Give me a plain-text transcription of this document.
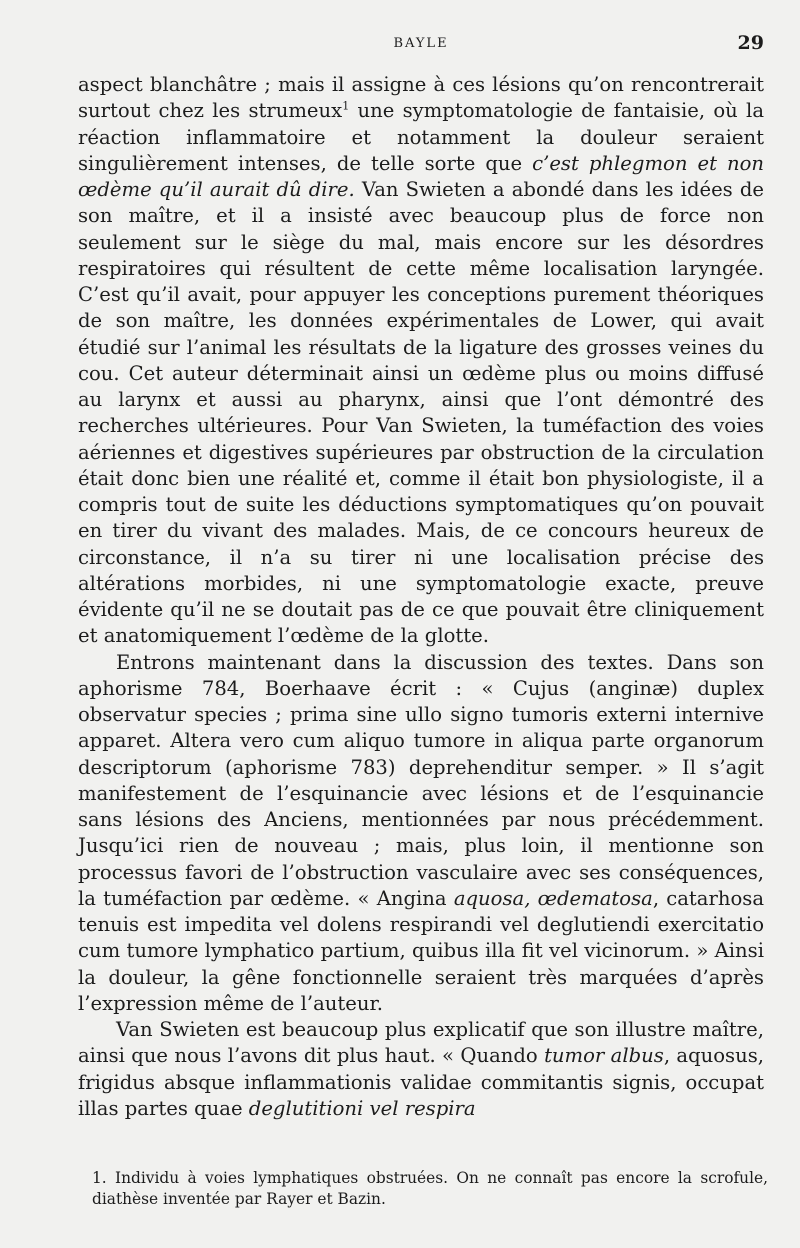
BAYLE	29

aspect blanchâtre ; mais il assigne à ces lésions qu’on rencontrerait surtout chez les strumeux$^1$ une symptomatologie de fantaisie, où la réaction inflammatoire et notamment la douleur seraient singulièrement intenses, de telle sorte que c’est phlegmon et non œdème qu’il aurait dû dire. Van Swieten a abondé dans les idées de son maître, et il a insisté avec beaucoup plus de force non seulement sur le siège du mal, mais encore sur les désordres respiratoires qui résultent de cette même localisation laryngée. C’est qu’il avait, pour appuyer les conceptions purement théoriques de son maître, les données expérimentales de Lower, qui avait étudié sur l’animal les résultats de la ligature des grosses veines du cou. Cet auteur déterminait ainsi un œdème plus ou moins diffusé au larynx et aussi au pharynx, ainsi que l’ont démontré des recherches ultérieures. Pour Van Swieten, la tuméfaction des voies aériennes et digestives supérieures par obstruction de la circulation était donc bien une réalité et, comme il était bon physiologiste, il a compris tout de suite les déductions symptomatiques qu’on pouvait en tirer du vivant des malades. Mais, de ce concours heureux de circonstance, il n’a su tirer ni une localisation précise des altérations morbides, ni une symptomatologie exacte, preuve évidente qu’il ne se doutait pas de ce que pouvait être cliniquement et anatomiquement l’œdème de la glotte.

Entrons maintenant dans la discussion des textes. Dans son aphorisme 784, Boerhaave écrit : « Cujus (anginæ) duplex observatur species ; prima sine ullo signo tumoris externi internive apparet. Altera vero cum aliquo tumore in aliqua parte organorum descriptorum (aphorisme 783) deprehenditur semper. » Il s’agit manifestement de l’esquinancie avec lésions et de l’esquinancie sans lésions des Anciens, mentionnées par nous précédemment. Jusqu’ici rien de nouveau ; mais, plus loin, il mentionne son processus favori de l’obstruction vasculaire avec ses conséquences, la tuméfaction par œdème. « Angina aquosa, œdematosa, catarhosa tenuis est impedita vel dolens respirandi vel deglutiendi exercitatio cum tumore lymphatico partium, quibus illa fit vel vicinorum. » Ainsi la douleur, la gêne fonctionnelle seraient très marquées d’après l’expression même de l’auteur.

Van Swieten est beaucoup plus explicatif que son illustre maître, ainsi que nous l’avons dit plus haut. « Quando tumor albus, aquosus, frigidus absque inflammationis validae commitantis signis, occupat illas partes quae deglutitioni vel respira

1. Individu à voies lymphatiques obstruées. On ne connaît pas encore la scrofule, diathèse inventée par Rayer et Bazin.
